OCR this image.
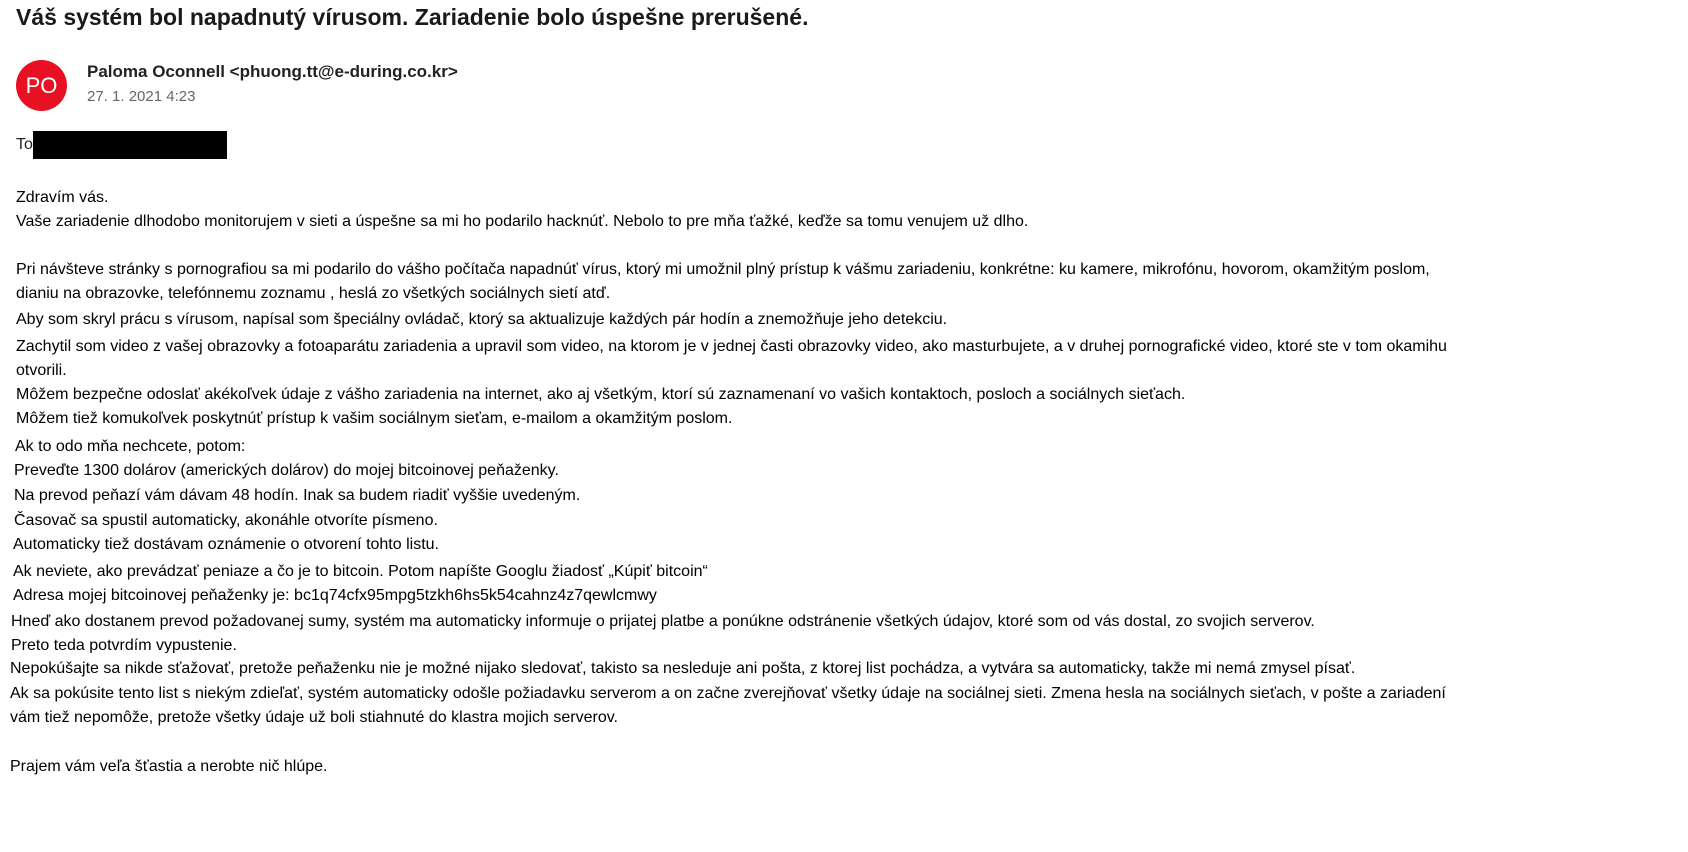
Váš systém bol napadnutý vírusom. Zariadenie bolo úspešne prerušené.
PO
Paloma Oconnell <phuong.tt@e-during.co.kr>
27. 1. 2021 4:23
To
Zdravím vás.
Vaše zariadenie dlhodobo monitorujem v sieti a úspešne sa mi ho podarilo hacknúť. Nebolo to pre mňa ťažké, keďže sa tomu venujem už dlho.
Pri návšteve stránky s pornografiou sa mi podarilo do vášho počítača napadnúť vírus, ktorý mi umožnil plný prístup k vášmu zariadeniu, konkrétne: ku kamere, mikrofónu, hovorom, okamžitým poslom,
dianiu na obrazovke, telefónnemu zoznamu , heslá zo všetkých sociálnych sietí atď.
Aby som skryl prácu s vírusom, napísal som špeciálny ovládač, ktorý sa aktualizuje každých pár hodín a znemožňuje jeho detekciu.
Zachytil som video z vašej obrazovky a fotoaparátu zariadenia a upravil som video, na ktorom je v jednej časti obrazovky video, ako masturbujete, a v druhej pornografické video, ktoré ste v tom okamihu
otvorili.
Môžem bezpečne odoslať akékoľvek údaje z vášho zariadenia na internet, ako aj všetkým, ktorí sú zaznamenaní vo vašich kontaktoch, posloch a sociálnych sieťach.
Môžem tiež komukoľvek poskytnúť prístup k vašim sociálnym sieťam, e-mailom a okamžitým poslom.
Ak to odo mňa nechcete, potom:
Preveďte 1300 dolárov (amerických dolárov) do mojej bitcoinovej peňaženky.
Na prevod peňazí vám dávam 48 hodín. Inak sa budem riadiť vyššie uvedeným.
Časovač sa spustil automaticky, akonáhle otvoríte písmeno.
Automaticky tiež dostávam oznámenie o otvorení tohto listu.
Ak neviete, ako prevádzať peniaze a čo je to bitcoin. Potom napíšte Googlu žiadosť „Kúpiť bitcoin“
Adresa mojej bitcoinovej peňaženky je: bc1q74cfx95mpg5tzkh6hs5k54cahnz4z7qewlcmwy
Hneď ako dostanem prevod požadovanej sumy, systém ma automaticky informuje o prijatej platbe a ponúkne odstránenie všetkých údajov, ktoré som od vás dostal, zo svojich serverov.
Preto teda potvrdím vypustenie.
Nepokúšajte sa nikde sťažovať, pretože peňaženku nie je možné nijako sledovať, takisto sa nesleduje ani pošta, z ktorej list pochádza, a vytvára sa automaticky, takže mi nemá zmysel písať.
Ak sa pokúsite tento list s niekým zdieľať, systém automaticky odošle požiadavku serverom a on začne zverejňovať všetky údaje na sociálnej sieti. Zmena hesla na sociálnych sieťach, v pošte a zariadení
vám tiež nepomôže, pretože všetky údaje už boli stiahnuté do klastra mojich serverov.
Prajem vám veľa šťastia a nerobte nič hlúpe.
